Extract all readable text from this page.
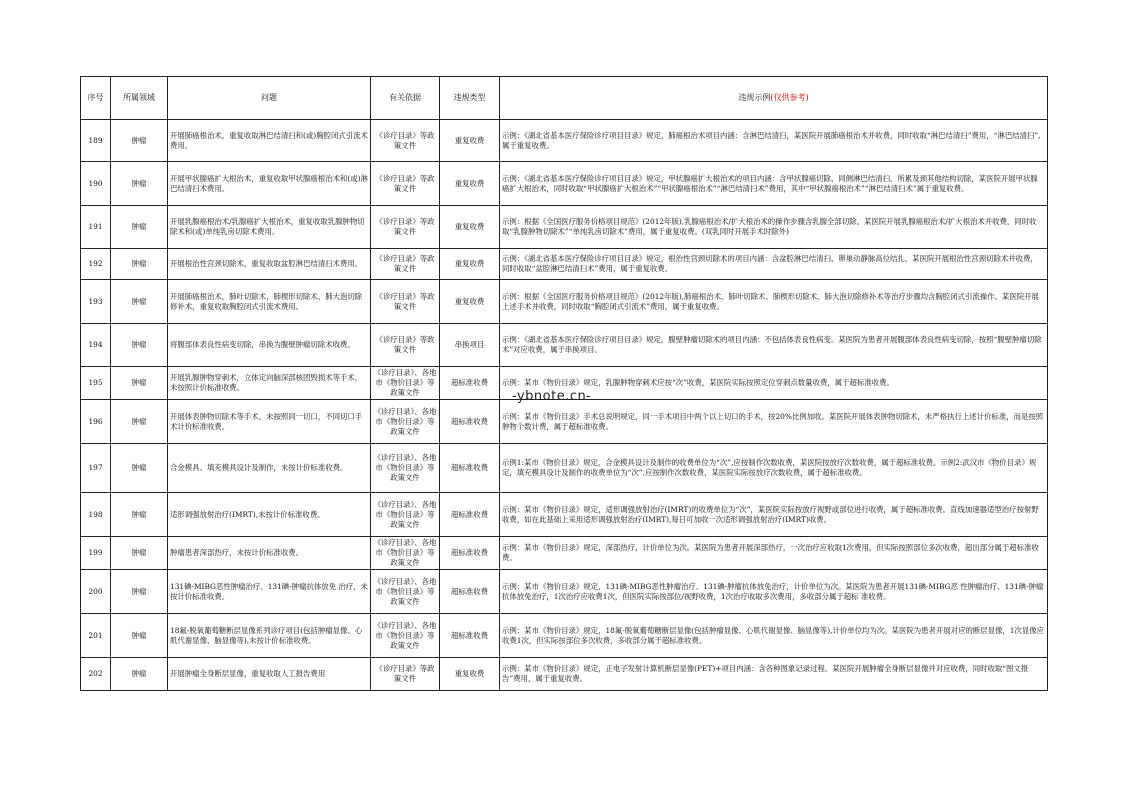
序号	所属领域	问题	有关依据	违规类型	违规示例(仅供参考)
189	肿瘤	开展肺癌根治术，重复收取淋巴结清扫和(或)胸腔闭式引流术费用。	《诊疗目录》等政策文件	重复收费	示例：《湖北省基本医疗保险诊疗项目目录》规定，肺癌根治术项目内涵：含淋巴结清扫，某医院开展肺癌根治术并收费，同时收取“淋巴结清扫”费用，“淋巴结清扫”,属于重复收费。
190	肿瘤	开展甲状腺癌扩大根治术，重复收取甲状腺癌根治术和(或)淋巴结清扫术费用。	《诊疗目录》等政策文件	重复收费	示例：《湖北省基本医疗保险诊疗项目目录》规定，甲状腺癌扩大根治术的项目内涵：含甲状腺癌切除、同侧淋巴结清扫、所累及颈其他结构切除，某医院开展甲状腺癌扩大根治术，同时收取“甲状腺癌扩大根治术”“甲状腺癌根治术”“淋巴结清扫术”费用，其中“甲状腺癌根治术”“淋巴结清扫术”属于重复收费。
191	肿瘤	开展乳腺癌根治术/乳腺癌扩大根治术，重复收取乳腺肿物切除术和(或)单纯乳房切除术费用。	《诊疗目录》等政策文件	重复收费	示例：根据《全国医疗服务价格项目规范》(2012年版),乳腺癌根治术/扩大根治术的操作步骤含乳腺全部切除。某医院开展乳腺癌根治术/扩大根治术并收费，同时收取“乳腺肿物切除术”“单纯乳房切除术”费用，属于重复收费。(双乳同时开展手术时除外)
192	肿瘤	开展根治性宫颈切除术，重复收取盆腔淋巴结清扫术费用。	《诊疗目录》等政策文件	重复收费	示例：《湖北省基本医疗保险诊疗项目目录》规定，根治性宫颈切除术的项目内涵：含盆腔淋巴结清扫、卵巢动静脉高位结扎，某医院开展根治性宫颈切除术并收费，同时收取“盆腔淋巴结清扫术”费用，属于重复收费。
193	肿瘤	开展肺癌根治术，肺叶切除术，肺楔形切除术、肺大泡切除修补术，重复收取胸腔闭式引流术费用。	《诊疗目录》等政策文件	重复收费	示例：根据《全国医疗服务价格项目规范》(2012年版),肺癌根治术、肺叶切除术、肺楔形切除术、肺大泡切除修补术等治疗步骤均含胸腔闭式引流操作。某医院开展上述手术并收费，同时收取“胸腔闭式引流术”费用，属于重复收费。
194	肿瘤	将腹部体表良性病变切除，串换为腹壁肿瘤切除术收费。	《诊疗目录》等政策文件	串换项目	示例：《湖北省基本医疗保险诊疗项目目录》规定，腹壁肿瘤切除术的项目内涵：不包括体表良性病变。某医院为患者开展腹部体表良性病变切除，按照“腹壁肿瘤切除术”对应收费，属于串换项目。
195	肿瘤	开展乳腺肿物穿刺术，立体定向脑深部核团毁损术等手术，未按照计价标准收费。	《诊疗目录》、各地市《物价目录》等政策文件	超标准收费	示例：某市《物价目录》规定，乳腺肿物穿刺术应按“次”收费，某医院实际按照定位穿刺点数量收费，属于超标准收费。
196	肿瘤	开展体表肿物切除术等手术，未按照同一切口，不同切口手术计价标准收费。	《诊疗目录》、各地市《物价目录》等政策文件	超标准收费	示例：某市《物价目录》手术总说明规定，同一手术项目中两个以上切口的手术，按20%比例加收。某医院开展体表肿物切除术，未严格执行上述计价标准，而是按照肿物个数计费，属于超标准收费。
197	肿瘤	合金模具、填充模具设计及制作，未按计价标准收费。	《诊疗目录》、各地市《物价目录》等政策文件	超标准收费	示例1:某市《物价目录》规定，合金模具设计及制作的收费单位为“次”,应按制作次数收费，某医院按放疗次数收费，属于超标准收费。示例2:武汉市《物价目录》规定，填充模具设计及制作的收费单位为“次”,应按制作次数收费，某医院实际按放疗次数收费，属于超标准收费。
198	肿瘤	适形调强放射治疗(IMRT),未按计价标准收费。	《诊疗目录》、各地市《物价目录》等政策文件	超标准收费	示例：某市《物价目录》规定，适形调强放射治疗(IMRT)的收费单位为“次”，某医院实际按放疗视野或部位进行收费，属于超标准收费。直线加速器适型治疗按射野收费，如在此基础上采用适形调强放射治疗(IMRT),每日可加收一次适形调强放射治疗(IMRT)收费。
199	肿瘤	肿瘤患者深部热疗，未按计价标准收费。	《诊疗目录》、各地市《物价目录》等政策文件	超标准收费	示例：某市《物价目录》规定，深部热疗，计价单位为次。某医院为患者开展深部热疗，一次治疗应收取1次费用，但实际按照部位多次收费，超出部分属于超标准收费。
200	肿瘤	131碘-MIBG恶性肿瘤治疗、131碘-肿瘤抗体放免 治疗，未按计价标准收费。	《诊疗目录》、各地市《物价目录》等政策文件	超标准收费	示例：某市《物价目录》规定，131碘-MIBG恶性肿瘤治疗、131碘-肿瘤抗体放免治疗，计价单位为次。某医院为患者开展131碘-MIBG恶 性肿瘤治疗、131碘-肿瘤抗体放免治疗，1次治疗应收费1次，但医院实际按部位/视野收费，1次治疗收取多次费用，多收部分属于超标 准收费。
201	肿瘤	18氟-脱氧葡萄糖断层显像系列诊疗项目(包括肿瘤显像、心肌代谢显像、脑显像等),未按计价标准收费。	《诊疗目录》、各地市《物价目录》等政策文件	超标准收费	示例：某市《物价目录》规定，18氟-脱氧葡萄糖断层显像(包括肿瘤显像、心肌代谢显像、脑显像等),计价单位均为次。某医院为患者开展对应的断层显像，1次显像应收费1次，但实际按部位多次收费，多收部分属于超标准收费。
202	肿瘤	开展肿瘤全身断层显像，重复收取人工报告费用	《诊疗目录》等政策文件	重复收费	示例：某市《物价目录》规定，正电子发射计算机断层显像(PET)+项目内涵：含各种图象记录过程。某医院开展肿瘤全身断层显像并对应收费，同时收取“图文报告”费用，属于重复收费。
-ybnote.cn-
